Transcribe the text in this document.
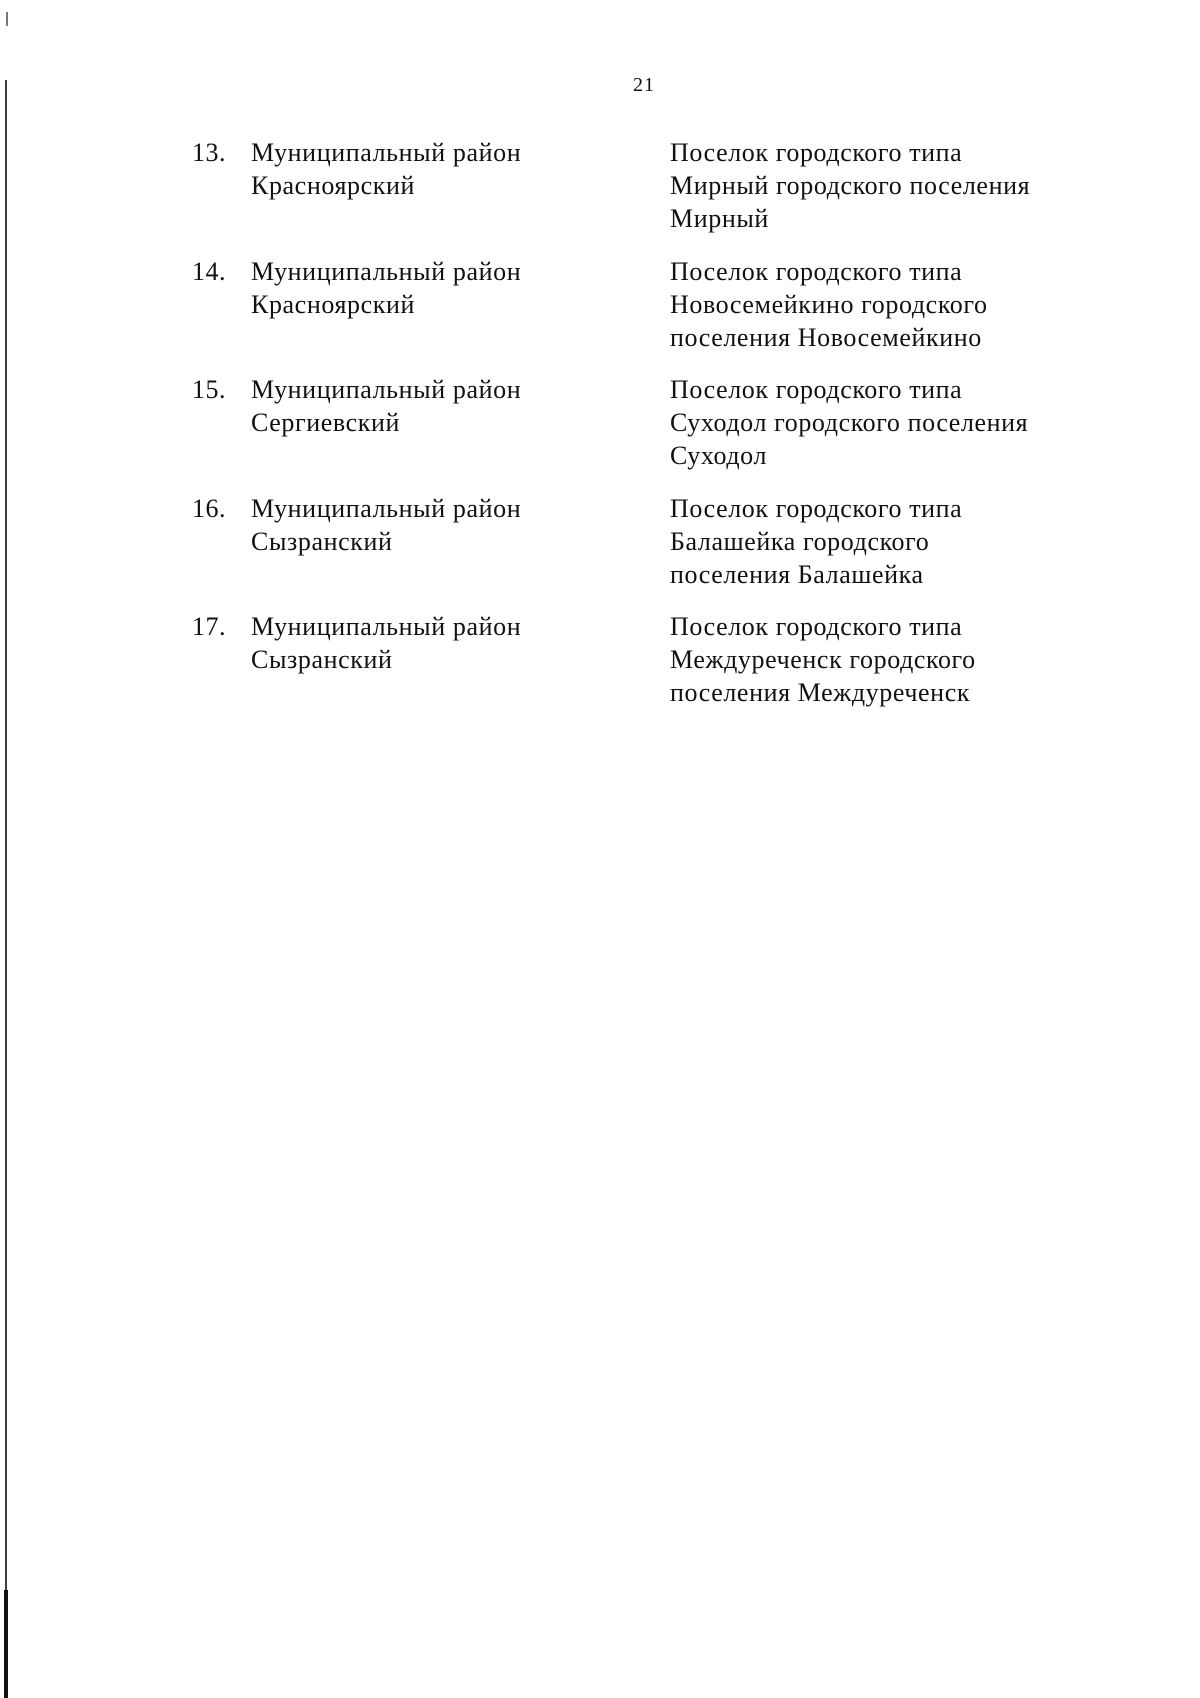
21
13. Муниципальный район
Красноярский
Поселок городского типа
Мирный городского поселения
Мирный
14. Муниципальный район
Красноярский
Поселок городского типа
Новосемейкино городского
поселения Новосемейкино
15. Муниципальный район
Сергиевский
Поселок городского типа
Суходол городского поселения
Суходол
16. Муниципальный район
Сызранский
Поселок городского типа
Балашейка городского
поселения Балашейка
17. Муниципальный район
Сызранский
Поселок городского типа
Междуреченск городского
поселения Междуреченск
